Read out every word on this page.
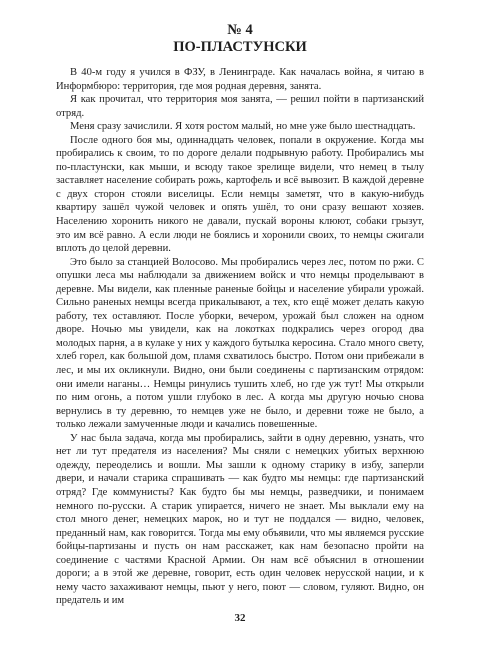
№ 4
ПО-ПЛАСТУНСКИ

В 40-м году я учился в ФЗУ, в Ленинграде. Как началась война, я читаю в Информбюро: территория, где моя родная деревня, занята.

Я как прочитал, что территория моя занята, — решил пойти в партизанский отряд.

Меня сразу зачислили. Я хотя ростом малый, но мне уже было шестнадцать.

После одного боя мы, одиннадцать человек, попали в окружение. Когда мы пробирались к своим, то по дороге делали подрывную работу. Пробирались мы по-пластунски, как мыши, и всюду такое зрелище видели, что немец в тылу заставляет население собирать рожь, картофель и всё вывозит. В каждой деревне с двух сторон стояли виселицы. Если немцы заметят, что в какую-нибудь квартиру зашёл чужой человек и опять ушёл, то они сразу вешают хозяев. Населению хоронить никого не давали, пускай вороны клюют, собаки грызут, это им всё равно. А если люди не боялись и хоронили своих, то немцы сжигали вплоть до целой деревни.

Это было за станцией Волосово. Мы пробирались через лес, потом по ржи. С опушки леса мы наблюдали за движением войск и что немцы проделывают в деревне. Мы видели, как пленные раненые бойцы и население убирали урожай. Сильно раненых немцы всегда прикалывают, а тех, кто ещё может делать какую работу, тех оставляют. После уборки, вечером, урожай был сложен на одном дворе. Ночью мы увидели, как на локотках подкрались через огород два молодых парня, а в кулаке у них у каждого бутылка керосина. Стало много свету, хлеб горел, как большой дом, пламя схватилось быстро. Потом они прибежали в лес, и мы их окликнули. Видно, они были соединены с партизанским отрядом: они имели наганы… Немцы ринулись тушить хлеб, но где уж тут! Мы открыли по ним огонь, а потом ушли глубоко в лес. А когда мы другую ночью снова вернулись в ту деревню, то немцев уже не было, и деревни тоже не было, а только лежали замученные люди и качались повешенные.

У нас была задача, когда мы пробирались, зайти в одну деревню, узнать, что нет ли тут предателя из населения? Мы сняли с немецких убитых верхнюю одежду, переоделись и вошли. Мы зашли к одному старику в избу, заперли двери, и начали старика спрашивать — как будто мы немцы: где партизанский отряд? Где коммунисты? Как будто бы мы немцы, разведчики, и понимаем немного по-русски. А старик упирается, ничего не знает. Мы выклали ему на стол много денег, немецких марок, но и тут не поддался — видно, человек, преданный нам, как говорится. Тогда мы ему объявили, что мы являемся русские бойцы-партизаны и пусть он нам расскажет, как нам безопасно пройти на соединение с частями Красной Армии. Он нам всё объяснил в отношении дороги; а в этой же деревне, говорит, есть один человек нерусской нации, и к нему часто захаживают немцы, пьют у него, поют — словом, гуляют. Видно, он предатель и им

32
